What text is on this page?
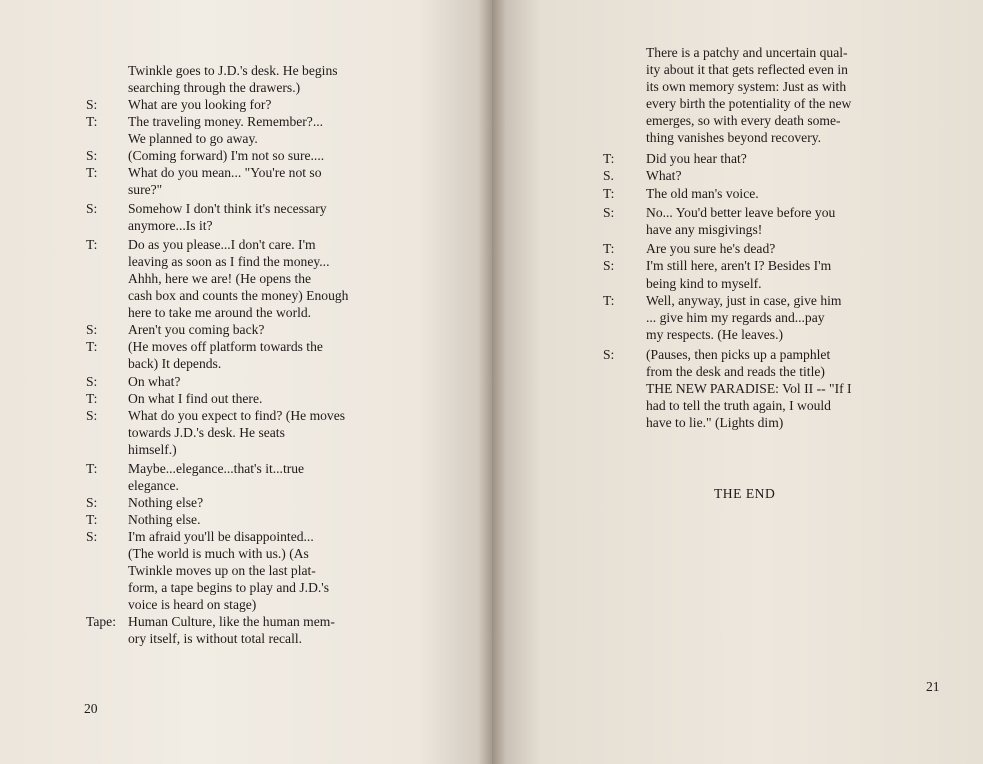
Twinkle goes to J.D.'s desk. He begins
searching through the drawers.)
S: What are you looking for?
T: The traveling money. Remember?...
We planned to go away.
S: (Coming forward) I'm not so sure....
T: What do you mean... "You're not so
sure?"
S: Somehow I don't think it's necessary
anymore...Is it?
T: Do as you please...I don't care. I'm
leaving as soon as I find the money...
Ahhh, here we are! (He opens the
cash box and counts the money) Enough
here to take me around the world.
S: Aren't you coming back?
T: (He moves off platform towards the
back) It depends.
S: On what?
T: On what I find out there.
S: What do you expect to find? (He moves
towards J.D.'s desk. He seats
himself.)
T: Maybe...elegance...that's it...true
elegance.
S: Nothing else?
T: Nothing else.
S: I'm afraid you'll be disappointed...
(The world is much with us.) (As
Twinkle moves up on the last plat-
form, a tape begins to play and J.D.'s
voice is heard on stage)
Tape: Human Culture, like the human mem-
ory itself, is without total recall.
There is a patchy and uncertain qual-
ity about it that gets reflected even in
its own memory system: Just as with
every birth the potentiality of the new
emerges, so with every death some-
thing vanishes beyond recovery.
T: Did you hear that?
S. What?
T: The old man's voice.
S: No... You'd better leave before you
have any misgivings!
T: Are you sure he's dead?
S: I'm still here, aren't I? Besides I'm
being kind to myself.
T: Well, anyway, just in case, give him
... give him my regards and...pay
my respects. (He leaves.)
S: (Pauses, then picks up a pamphlet
from the desk and reads the title)
THE NEW PARADISE: Vol II -- "If I
had to tell the truth again, I would
have to lie." (Lights dim)
THE END
20
21
